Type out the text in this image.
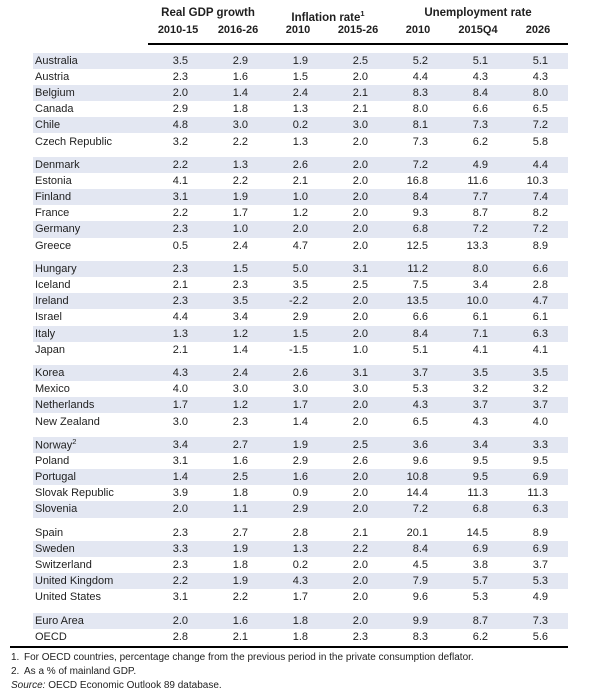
Real GDP growth	Inflation rate$^1$	Unemployment rate
2010-15	2016-26	2010	2015-26	2010	2015Q4	2026
Australia	3.5	2.9	1.9	2.5	5.2	5.1	5.1
Austria	2.3	1.6	1.5	2.0	4.4	4.3	4.3
Belgium	2.0	1.4	2.4	2.1	8.3	8.4	8.0
Canada	2.9	1.8	1.3	2.1	8.0	6.6	6.5
Chile	4.8	3.0	0.2	3.0	8.1	7.3	7.2
Czech Republic	3.2	2.2	1.3	2.0	7.3	6.2	5.8
Denmark	2.2	1.3	2.6	2.0	7.2	4.9	4.4
Estonia	4.1	2.2	2.1	2.0	16.8	11.6	10.3
Finland	3.1	1.9	1.0	2.0	8.4	7.7	7.4
France	2.2	1.7	1.2	2.0	9.3	8.7	8.2
Germany	2.3	1.0	2.0	2.0	6.8	7.2	7.2
Greece	0.5	2.4	4.7	2.0	12.5	13.3	8.9
Hungary	2.3	1.5	5.0	3.1	11.2	8.0	6.6
Iceland	2.1	2.3	3.5	2.5	7.5	3.4	2.8
Ireland	2.3	3.5	-2.2	2.0	13.5	10.0	4.7
Israel	4.4	3.4	2.9	2.0	6.6	6.1	6.1
Italy	1.3	1.2	1.5	2.0	8.4	7.1	6.3
Japan	2.1	1.4	-1.5	1.0	5.1	4.1	4.1
Korea	4.3	2.4	2.6	3.1	3.7	3.5	3.5
Mexico	4.0	3.0	3.0	3.0	5.3	3.2	3.2
Netherlands	1.7	1.2	1.7	2.0	4.3	3.7	3.7
New Zealand	3.0	2.3	1.4	2.0	6.5	4.3	4.0
Norway$^2$	3.4	2.7	1.9	2.5	3.6	3.4	3.3
Poland	3.1	1.6	2.9	2.6	9.6	9.5	9.5
Portugal	1.4	2.5	1.6	2.0	10.8	9.5	6.9
Slovak Republic	3.9	1.8	0.9	2.0	14.4	11.3	11.3
Slovenia	2.0	1.1	2.9	2.0	7.2	6.8	6.3
Spain	2.3	2.7	2.8	2.1	20.1	14.5	8.9
Sweden	3.3	1.9	1.3	2.2	8.4	6.9	6.9
Switzerland	2.3	1.8	0.2	2.0	4.5	3.8	3.7
United Kingdom	2.2	1.9	4.3	2.0	7.9	5.7	5.3
United States	3.1	2.2	1.7	2.0	9.6	5.3	4.9
Euro Area	2.0	1.6	1.8	2.0	9.9	8.7	7.3
OECD	2.8	2.1	1.8	2.3	8.3	6.2	5.6
1. For OECD countries, percentage change from the previous period in the private consumption deflator.
2. As a % of mainland GDP.
Source: OECD Economic Outlook 89 database.
